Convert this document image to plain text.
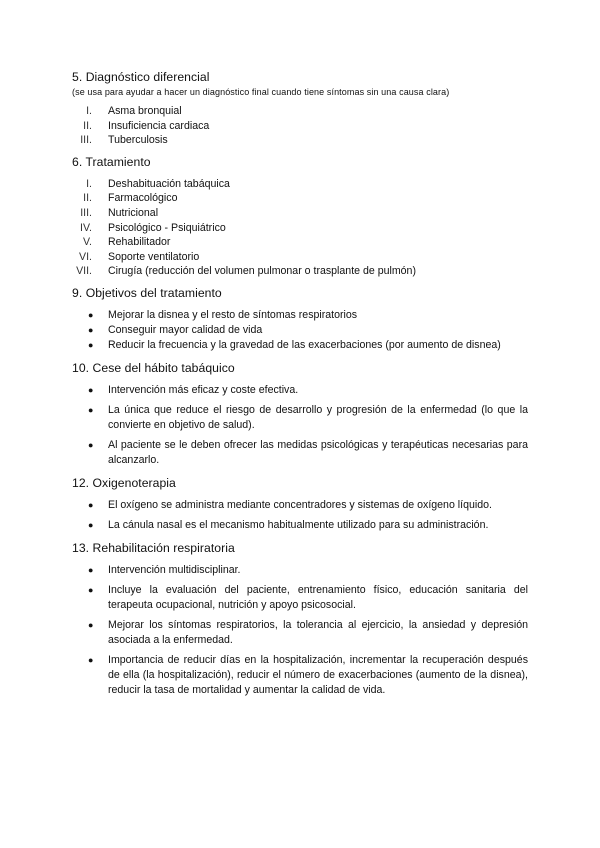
5. Diagnóstico diferencial
(se usa para ayudar a hacer un diagnóstico final cuando tiene síntomas sin una causa clara)
I. Asma bronquial
II. Insuficiencia cardiaca
III. Tuberculosis
6. Tratamiento
I. Deshabituación tabáquica
II. Farmacológico
III. Nutricional
IV. Psicológico - Psiquiátrico
V. Rehabilitador
VI. Soporte ventilatorio
VII. Cirugía (reducción del volumen pulmonar o trasplante de pulmón)
9. Objetivos del tratamiento
● Mejorar la disnea y el resto de síntomas respiratorios
● Conseguir mayor calidad de vida
● Reducir la frecuencia y la gravedad de las exacerbaciones (por aumento de disnea)
10. Cese del hábito tabáquico
● Intervención más eficaz y coste efectiva.
● La única que reduce el riesgo de desarrollo y progresión de la enfermedad (lo que la convierte en objetivo de salud).
● Al paciente se le deben ofrecer las medidas psicológicas y terapéuticas necesarias para alcanzarlo.
12. Oxigenoterapia
● El oxígeno se administra mediante concentradores y sistemas de oxígeno líquido.
● La cánula nasal es el mecanismo habitualmente utilizado para su administración.
13. Rehabilitación respiratoria
● Intervención multidisciplinar.
● Incluye la evaluación del paciente, entrenamiento físico, educación sanitaria del terapeuta ocupacional, nutrición y apoyo psicosocial.
● Mejorar los síntomas respiratorios, la tolerancia al ejercicio, la ansiedad y depresión asociada a la enfermedad.
● Importancia de reducir días en la hospitalización, incrementar la recuperación después de ella (la hospitalización), reducir el número de exacerbaciones (aumento de la disnea), reducir la tasa de mortalidad y aumentar la calidad de vida.
